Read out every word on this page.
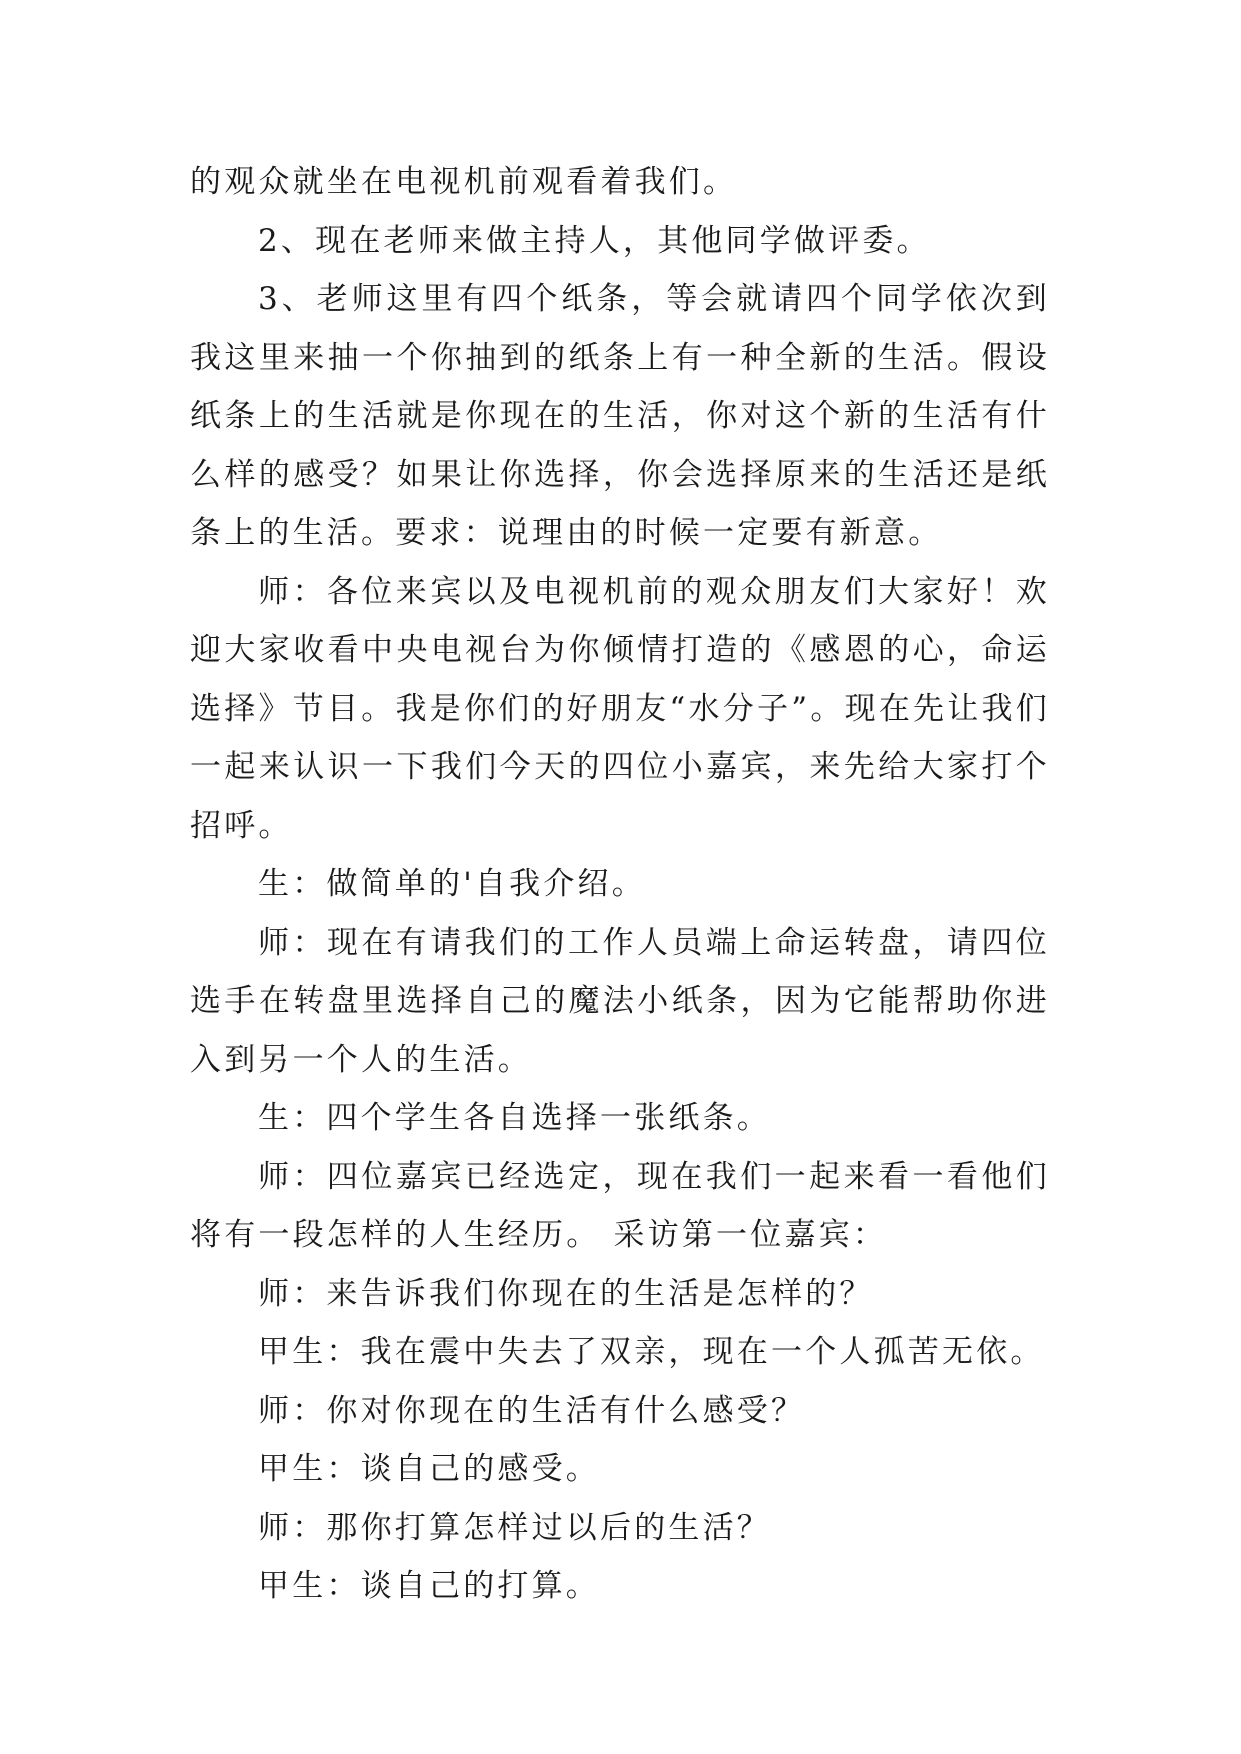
的观众就坐在电视机前观看着我们。

2、现在老师来做主持人，其他同学做评委。

3、老师这里有四个纸条，等会就请四个同学依次到我这里来抽一个你抽到的纸条上有一种全新的生活。假设纸条上的生活就是你现在的生活，你对这个新的生活有什么样的感受？如果让你选择，你会选择原来的生活还是纸条上的生活。要求：说理由的时候一定要有新意。

师：各位来宾以及电视机前的观众朋友们大家好！欢迎大家收看中央电视台为你倾情打造的《感恩的心，命运选择》节目。我是你们的好朋友“水分子”。现在先让我们一起来认识一下我们今天的四位小嘉宾，来先给大家打个招呼。

生：做简单的'自我介绍。

师：现在有请我们的工作人员端上命运转盘，请四位选手在转盘里选择自己的魔法小纸条，因为它能帮助你进入到另一个人的生活。

生：四个学生各自选择一张纸条。

师：四位嘉宾已经选定，现在我们一起来看一看他们将有一段怎样的人生经历。 采访第一位嘉宾：

师：来告诉我们你现在的生活是怎样的？

甲生：我在震中失去了双亲，现在一个人孤苦无依。

师：你对你现在的生活有什么感受？

甲生：谈自己的感受。

师：那你打算怎样过以后的生活？

甲生：谈自己的打算。
